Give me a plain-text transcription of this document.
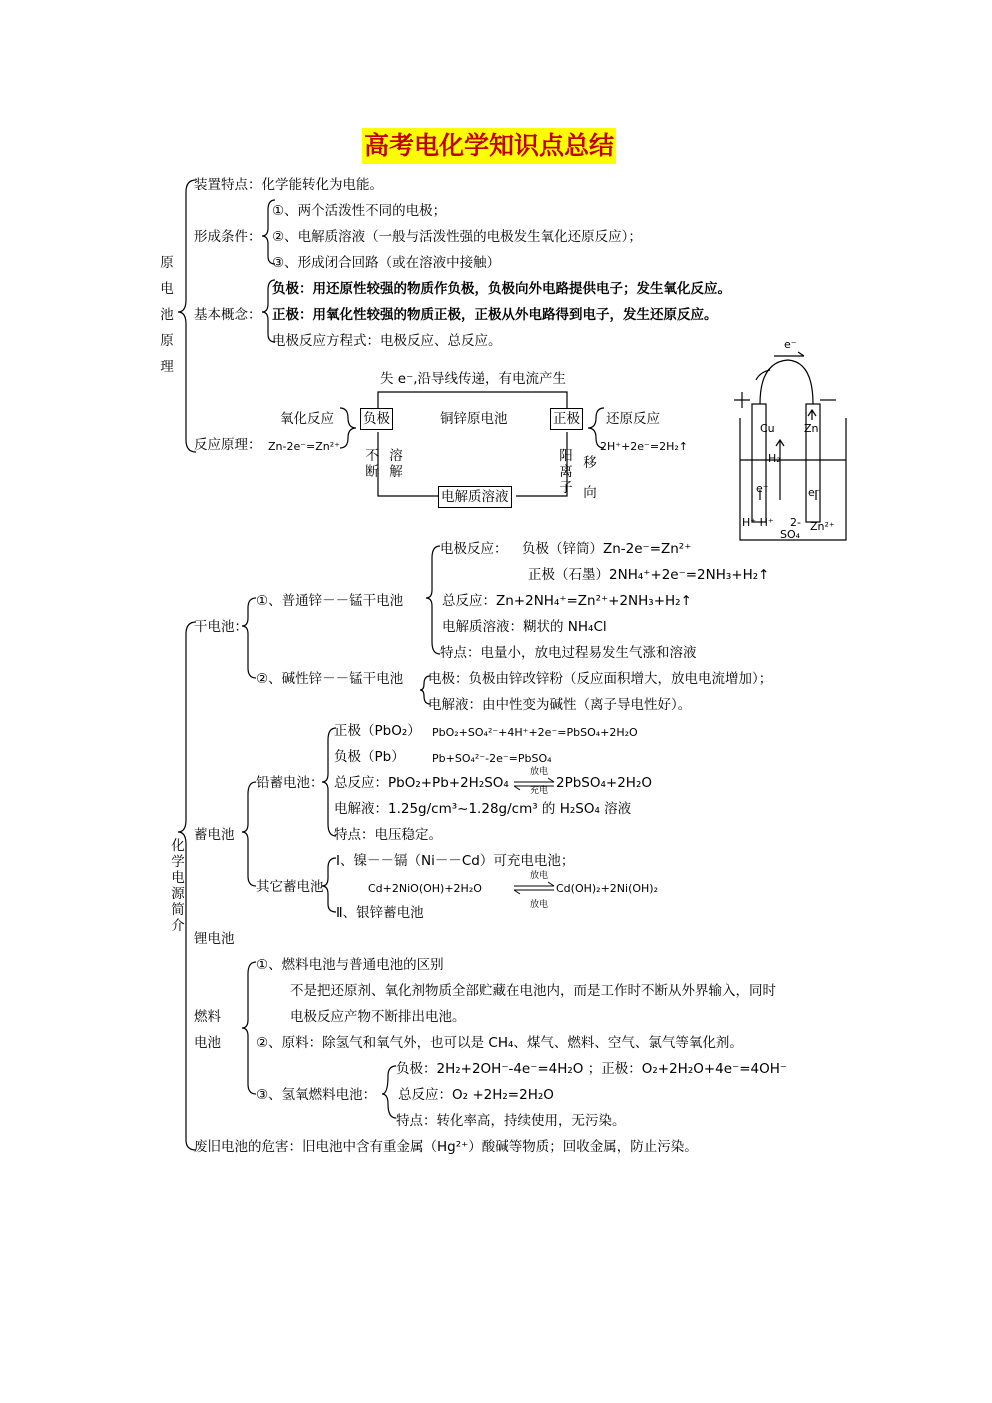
高考电化学知识点总结
原电池原理
装置特点：化学能转化为电能。
形成条件：
①、两个活泼性不同的电极；
②、电解质溶液（一般与活泼性强的电极发生氧化还原反应）；
③、形成闭合回路（或在溶液中接触）
基本概念：
负极：用还原性较强的物质作负极，负极向外电路提供电子；发生氧化反应。
正极：用氧化性较强的物质正极，正极从外电路得到电子，发生还原反应。
电极反应方程式：电极反应、总反应。
反应原理：
失 e⁻,沿导线传递，有电流产生
氧化反应
Zn-2e⁻=Zn²⁺
负极	铜锌原电池	正极 还原反应
2H⁺+2e⁻=2H₂↑
不断
溶解
阳离子
移向
电解质溶液
e⁻
Cu	Zn
H₂
e⁻	e⁻
H⁺ H⁺ 2-
SO₄
Zn²⁺
化学电源简介
干电池：
①、普通锌－－锰干电池
电极反应： 负极（锌筒）Zn-2e⁻=Zn²⁺
正极（石墨）2NH₄⁺+2e⁻=2NH₃+H₂↑
总反应：Zn+2NH₄⁺=Zn²⁺+2NH₃+H₂↑
电解质溶液：糊状的 NH₄Cl
特点：电量小，放电过程易发生气涨和溶液
②、碱性锌－－锰干电池 电极：负极由锌改锌粉（反应面积增大，放电电流增加）；
电解液：由中性变为碱性（离子导电性好）。
蓄电池
铅蓄电池：
正极（PbO₂） PbO₂+SO₄²⁻+4H⁺+2e⁻=PbSO₄+2H₂O
负极（Pb） Pb+SO₄²⁻-2e⁻=PbSO₄
总反应：PbO₂+Pb+2H₂SO₄
放电
充电 2PbSO₄+2H₂O
电解液：1.25g/cm³~1.28g/cm³ 的 H₂SO₄ 溶液
特点：电压稳定。
其它蓄电池
Ⅰ、镍－－镉（Ni－－Cd）可充电电池；
Cd+2NiO(OH)+2H₂O
放电
放电
Cd(OH)₂+2Ni(OH)₂
Ⅱ、银锌蓄电池
锂电池
燃料
电池
①、燃料电池与普通电池的区别
不是把还原剂、氧化剂物质全部贮藏在电池内，而是工作时不断从外界输入，同时
电极反应产物不断排出电池。
②、原料：除氢气和氧气外，也可以是 CH₄、煤气、燃料、空气、氯气等氧化剂。
③、氢氧燃料电池：
负极：2H₂+2OH⁻-4e⁻=4H₂O ；正极：O₂+2H₂O+4e⁻=4OH⁻
总反应：O₂ +2H₂=2H₂O
特点：转化率高，持续使用，无污染。
废旧电池的危害：旧电池中含有重金属（Hg²⁺）酸碱等物质；回收金属，防止污染。
